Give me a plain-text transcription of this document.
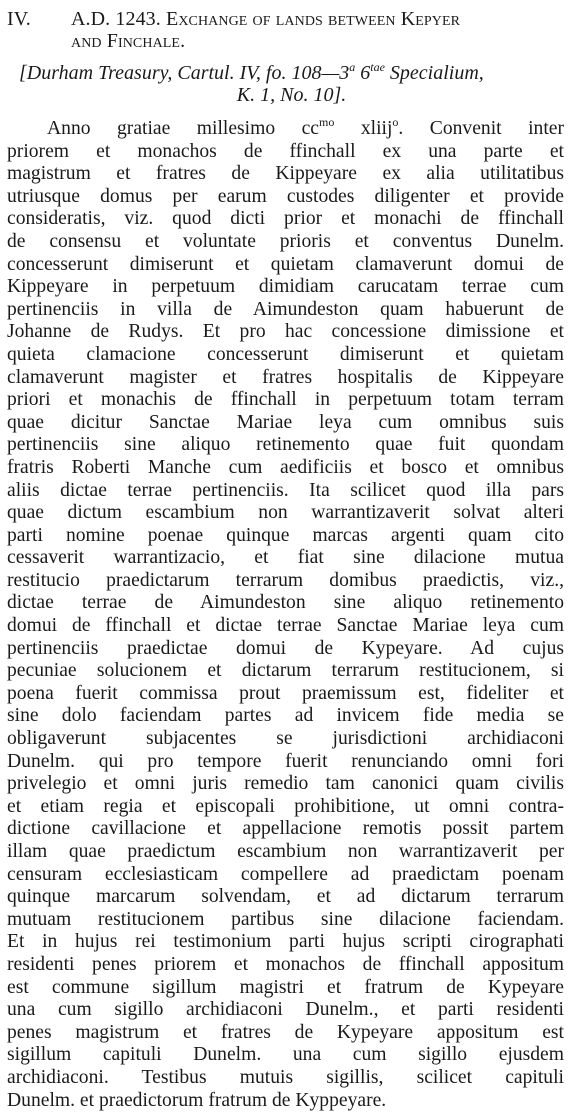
IV. A.D. 1243. Exchange of lands between Kepyer
and Finchale.
[Durham Treasury, Cartul. IV, fo. 108—3$^a$ $6^{tae}$ Specialium,
K. 1, No. 10].
Anno gratiae millesimo $cc^{mo}$ xliij$^o$. Convenit inter
priorem et monachos de ffinchall ex una parte et
magistrum et fratres de Kippeyare ex alia utilitatibus
utriusque domus per earum custodes diligenter et provide
consideratis, viz. quod dicti prior et monachi de ffinchall
de consensu et voluntate prioris et conventus Dunelm.
concesserunt dimiserunt et quietam clamaverunt domui de
Kippeyare in perpetuum dimidiam carucatam terrae cum
pertinenciis in villa de Aimundeston quam habuerunt de
Johanne de Rudys. Et pro hac concessione dimissione et
quieta clamacione concesserunt dimiserunt et quietam
clamaverunt magister et fratres hospitalis de Kippeyare
priori et monachis de ffinchall in perpetuum totam terram
quae dicitur Sanctae Mariae leya cum omnibus suis
pertinenciis sine aliquo retinemento quae fuit quondam
fratris Roberti Manche cum aedificiis et bosco et omnibus
aliis dictae terrae pertinenciis. Ita scilicet quod illa pars
quae dictum escambium non warrantizaverit solvat alteri
parti nomine poenae quinque marcas argenti quam cito
cessaverit warrantizacio, et fiat sine dilacione mutua
restitucio praedictarum terrarum domibus praedictis, viz.,
dictae terrae de Aimundeston sine aliquo retinemento
domui de ffinchall et dictae terrae Sanctae Mariae leya cum
pertinenciis praedictae domui de Kypeyare. Ad cujus
pecuniae solucionem et dictarum terrarum restitucionem, si
poena fuerit commissa prout praemissum est, fideliter et
sine dolo faciendam partes ad invicem fide media se
obligaverunt subjacentes se jurisdictioni archidiaconi
Dunelm. qui pro tempore fuerit renunciando omni fori
privelegio et omni juris remedio tam canonici quam civilis
et etiam regia et episcopali prohibitione, ut omni contra-
dictione cavillacione et appellacione remotis possit partem
illam quae praedictum escambium non warrantizaverit per
censuram ecclesiasticam compellere ad praedictam poenam
quinque marcarum solvendam, et ad dictarum terrarum
mutuam restitucionem partibus sine dilacione faciendam.
Et in hujus rei testimonium parti hujus scripti cirographati
residenti penes priorem et monachos de ffinchall appositum
est commune sigillum magistri et fratrum de Kypeyare
una cum sigillo archidiaconi Dunelm., et parti residenti
penes magistrum et fratres de Kypeyare appositum est
sigillum capituli Dunelm. una cum sigillo ejusdem
archidiaconi. Testibus mutuis sigillis, scilicet capituli
Dunelm. et praedictorum fratrum de Kyppeyare.
